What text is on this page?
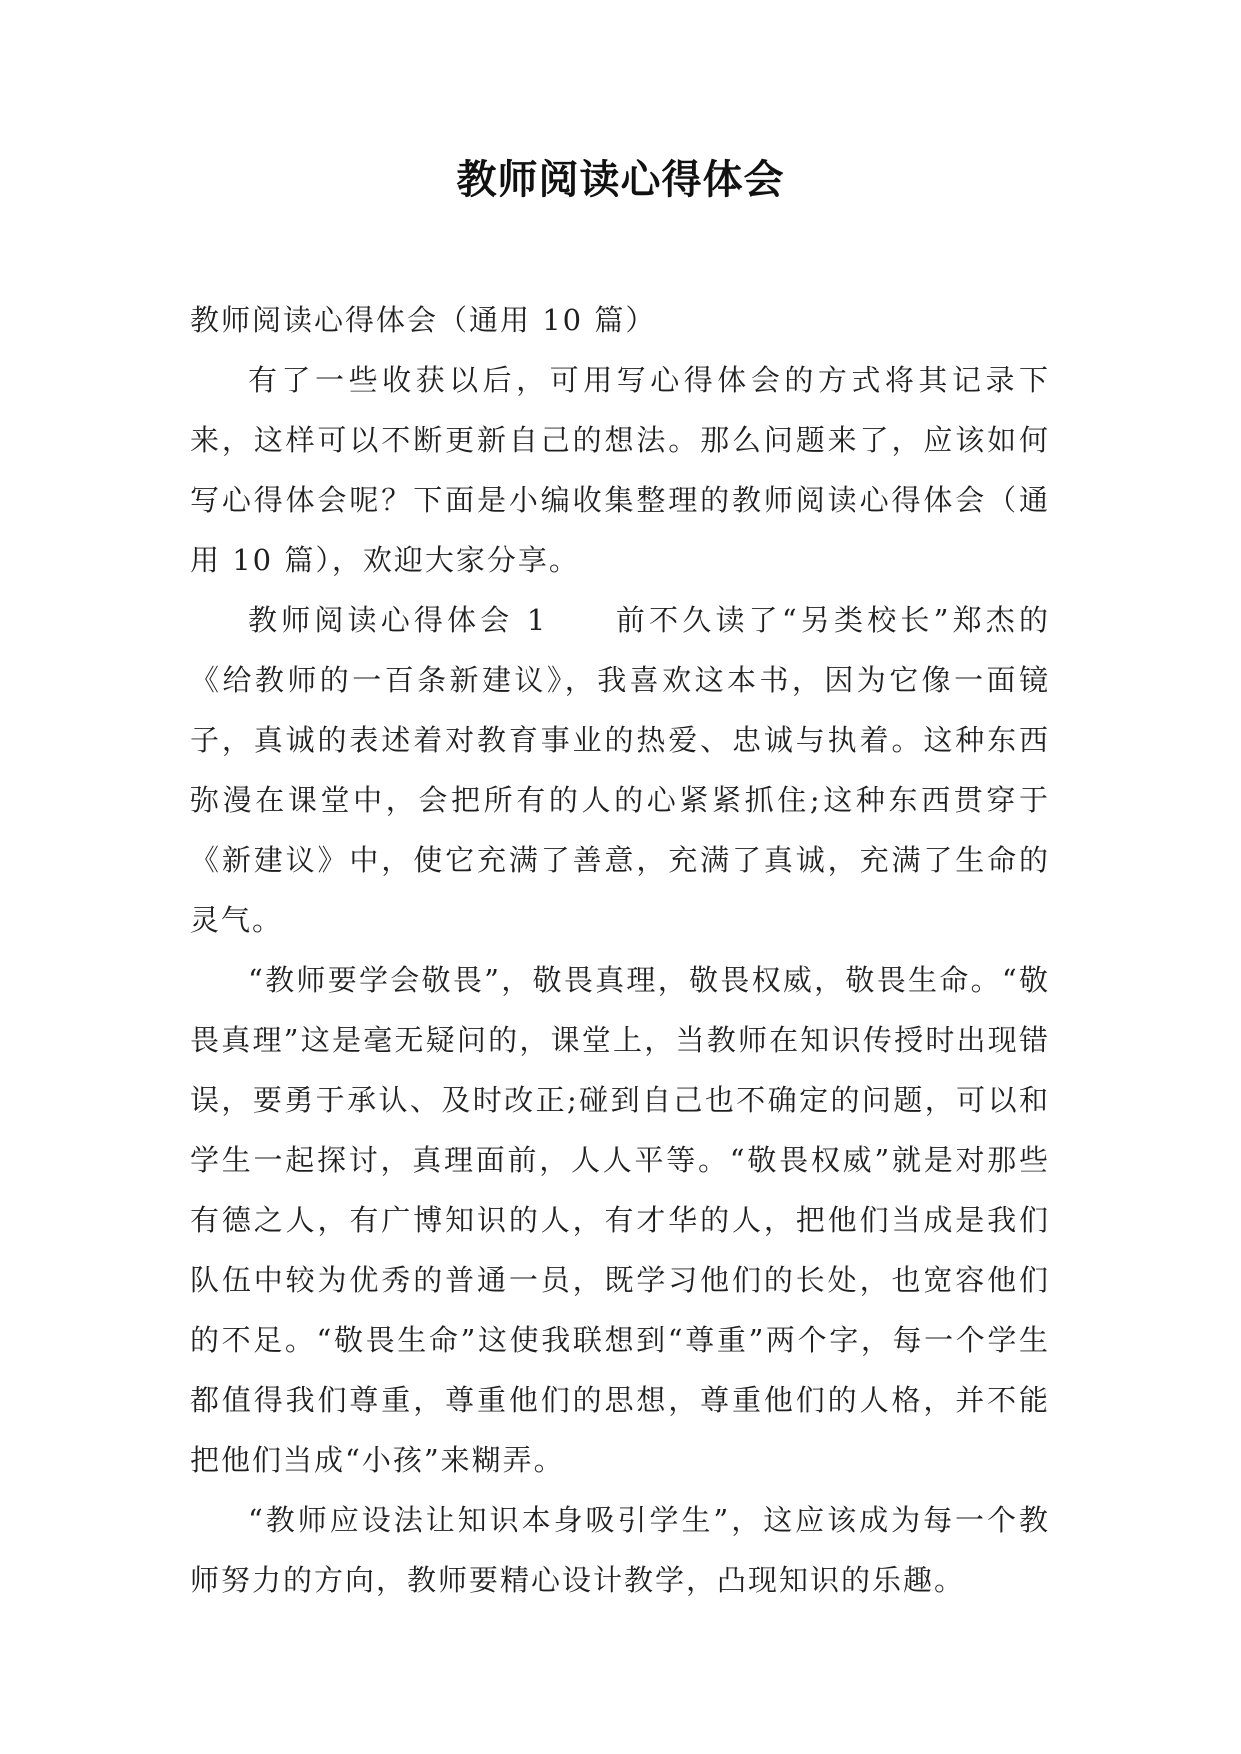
教师阅读心得体会
教师阅读心得体会（通用 10 篇）

有了一些收获以后，可用写心得体会的方式将其记录下来，这样可以不断更新自己的想法。那么问题来了，应该如何写心得体会呢？下面是小编收集整理的教师阅读心得体会（通用 10 篇），欢迎大家分享。

教师阅读心得体会 1　　前不久读了“另类校长”郑杰的《给教师的一百条新建议》，我喜欢这本书，因为它像一面镜子，真诚的表述着对教育事业的热爱、忠诚与执着。这种东西弥漫在课堂中，会把所有的人的心紧紧抓住;这种东西贯穿于《新建议》中，使它充满了善意，充满了真诚，充满了生命的灵气。

“教师要学会敬畏”，敬畏真理，敬畏权威，敬畏生命。“敬畏真理”这是毫无疑问的，课堂上，当教师在知识传授时出现错误，要勇于承认、及时改正;碰到自己也不确定的问题，可以和学生一起探讨，真理面前，人人平等。“敬畏权威”就是对那些有德之人，有广博知识的人，有才华的人，把他们当成是我们队伍中较为优秀的普通一员，既学习他们的长处，也宽容他们的不足。“敬畏生命”这使我联想到“尊重”两个字，每一个学生都值得我们尊重，尊重他们的思想，尊重他们的人格，并不能把他们当成“小孩”来糊弄。

“教师应设法让知识本身吸引学生”，这应该成为每一个教师努力的方向，教师要精心设计教学，凸现知识的乐趣。
